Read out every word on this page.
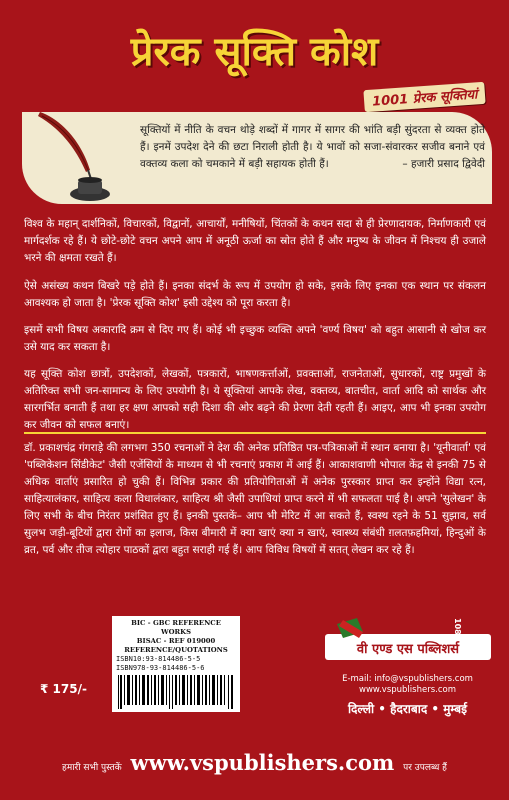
प्रेरक सूक्ति कोश
1001 प्रेरक सूक्तियां
सूक्तियों में नीति के वचन थोड़े शब्दों में गागर में सागर की भांति बड़ी सुंदरता से व्यक्त होते हैं। इनमें उपदेश देने की छटा निराली होती है। ये भावों को सजा-संवारकर सजीव बनाने एवं वक्तव्य कला को चमकाने में बड़ी सहायक होती हैं।	– हजारी प्रसाद द्विवेदी
विश्व के महान् दार्शनिकों, विचारकों, विद्वानों, आचार्यों, मनीषियों, चिंतकों के कथन सदा से ही प्रेरणादायक, निर्माणकारी एवं मार्गदर्शक रहे हैं। ये छोटे-छोटे वचन अपने आप में अनूठी ऊर्जा का स्रोत होते हैं और मनुष्य के जीवन में निश्चय ही उजाले भरने की क्षमता रखते हैं।
ऐसे असंख्य कथन बिखरे पड़े होते हैं। इनका संदर्भ के रूप में उपयोग हो सके, इसके लिए इनका एक स्थान पर संकलन आवश्यक हो जाता है। 'प्रेरक सूक्ति कोश' इसी उद्देश्य को पूरा करता है।
इसमें सभी विषय अकारादि क्रम से दिए गए हैं। कोई भी इच्छुक व्यक्ति अपने 'वर्ण्य विषय' को बहुत आसानी से खोज कर उसे याद कर सकता है।
यह सूक्ति कोश छात्रों, उपदेशकों, लेखकों, पत्रकारों, भाषणकर्त्ताओं, प्रवक्ताओं, राजनेताओं, सुधारकों, राष्ट्र प्रमुखों के अतिरिक्त सभी जन-सामान्य के लिए उपयोगी है। ये सूक्तियां आपके लेख, वक्तव्य, बातचीत, वार्ता आदि को सार्थक और सारगर्भित बनाती हैं तथा हर क्षण आपको सही दिशा की ओर बढ़ने की प्रेरणा देती रहती हैं। आइए, आप भी इनका उपयोग कर जीवन को सफल बनाएं।
डॉ. प्रकाशचंद्र गंगराड़े की लगभग 350 रचनाओं ने देश की अनेक प्रतिष्ठित पत्र-पत्रिकाओं में स्थान बनाया है। 'यूनीवार्ता' एवं 'पब्लिकेशन सिंडीकेट' जैसी एजेंसियों के माध्यम से भी रचनाएं प्रकाश में आई हैं। आकाशवाणी भोपाल केंद्र से इनकी 75 से अधिक वार्ताएं प्रसारित हो चुकी हैं। विभिन्न प्रकार की प्रतियोगिताओं में अनेक पुरस्कार प्राप्त कर इन्होंने विद्या रत्न, साहित्यालंकार, साहित्य कला विधालंकार, साहित्य श्री जैसी उपाधियां प्राप्त करने में भी सफलता पाई है। अपने 'सुलेखन' के लिए सभी के बीच निरंतर प्रशंसित हुए हैं। इनकी पुस्तकें– आप भी मेरिट में आ सकते हैं, स्वस्थ रहने के 51 सुझाव, सर्व सुलभ जड़ी-बूटियों द्वारा रोगों का इलाज, किस बीमारी में क्या खाएं क्या न खाएं, स्वास्थ्य संबंधी ग़लतफ़हमियां, हिन्दुओं के व्रत, पर्व और तीज त्योहार पाठकों द्वारा बहुत सराही गई हैं। आप विविध विषयों में सतत् लेखन कर रहे हैं।
BIC - GBC REFERENCE WORKS
BISAC - REF 019000
REFERENCE/QUOTATIONS
ISBN10:93-814486-5-5
ISBN978-93-814486-5-6
₹ 175/-
वी एण्ड एस पब्लिशर्स
E-mail: info@vspublishers.com
www.vspublishers.com
दिल्ली • हैदराबाद • मुम्बई
हमारी सभी पुस्तकें www.vspublishers.com पर उपलब्ध हैं
